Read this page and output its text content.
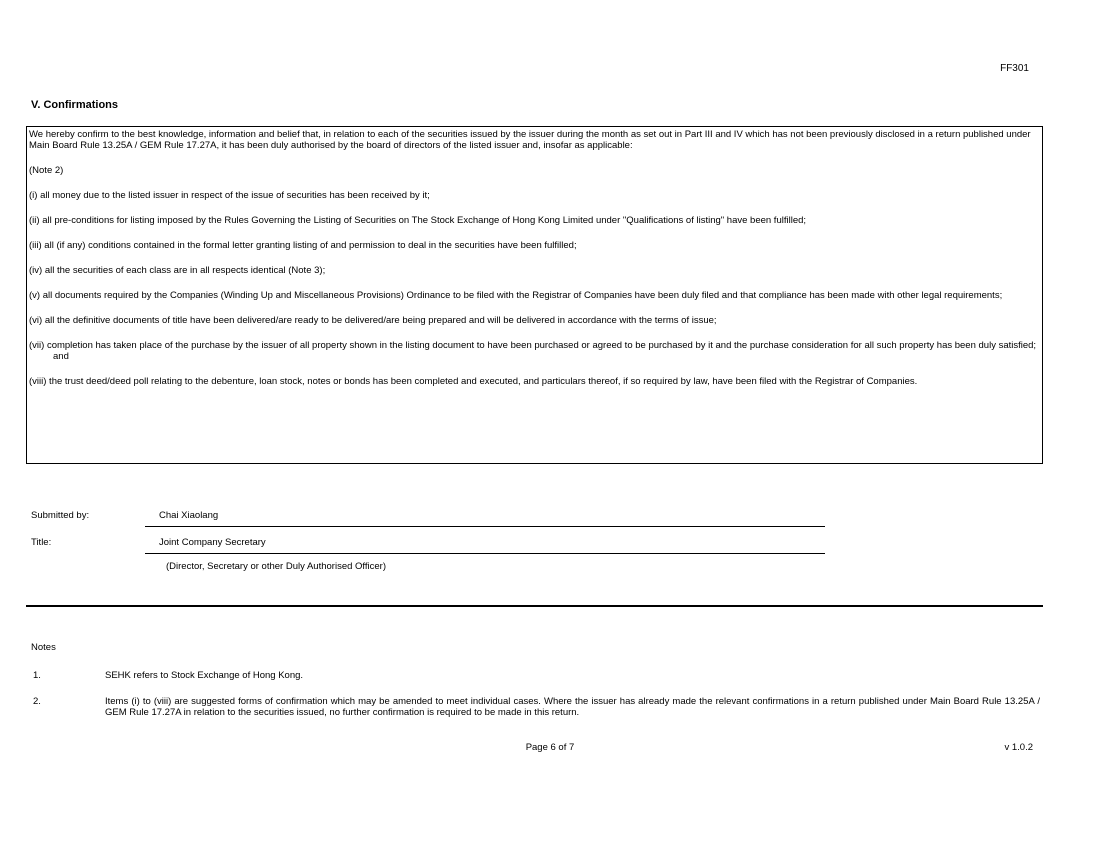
FF301
V. Confirmations

We hereby confirm to the best knowledge, information and belief that, in relation to each of the securities issued by the issuer during the month as set out in Part III and IV which has not been previously disclosed in a return published under Main Board Rule 13.25A / GEM Rule 17.27A, it has been duly authorised by the board of directors of the listed issuer and, insofar as applicable:

(Note 2)

(i) all money due to the listed issuer in respect of the issue of securities has been received by it;

(ii) all pre-conditions for listing imposed by the Rules Governing the Listing of Securities on The Stock Exchange of Hong Kong Limited under "Qualifications of listing" have been fulfilled;

(iii) all (if any) conditions contained in the formal letter granting listing of and permission to deal in the securities have been fulfilled;

(iv) all the securities of each class are in all respects identical (Note 3);

(v) all documents required by the Companies (Winding Up and Miscellaneous Provisions) Ordinance to be filed with the Registrar of Companies have been duly filed and that compliance has been made with other legal requirements;

(vi) all the definitive documents of title have been delivered/are ready to be delivered/are being prepared and will be delivered in accordance with the terms of issue;

(vii) completion has taken place of the purchase by the issuer of all property shown in the listing document to have been purchased or agreed to be purchased by it and the purchase consideration for all such property has been duly satisfied; and

(viii) the trust deed/deed poll relating to the debenture, loan stock, notes or bonds has been completed and executed, and particulars thereof, if so required by law, have been filed with the Registrar of Companies.

Submitted by:	Chai Xiaolang
Title:	Joint Company Secretary
(Director, Secretary or other Duly Authorised Officer)
Notes
1.	SEHK refers to Stock Exchange of Hong Kong.
2.	Items (i) to (viii) are suggested forms of confirmation which may be amended to meet individual cases. Where the issuer has already made the relevant confirmations in a return published under Main Board Rule 13.25A / GEM Rule 17.27A in relation to the securities issued, no further confirmation is required to be made in this return.
Page 6 of 7	v 1.0.2
